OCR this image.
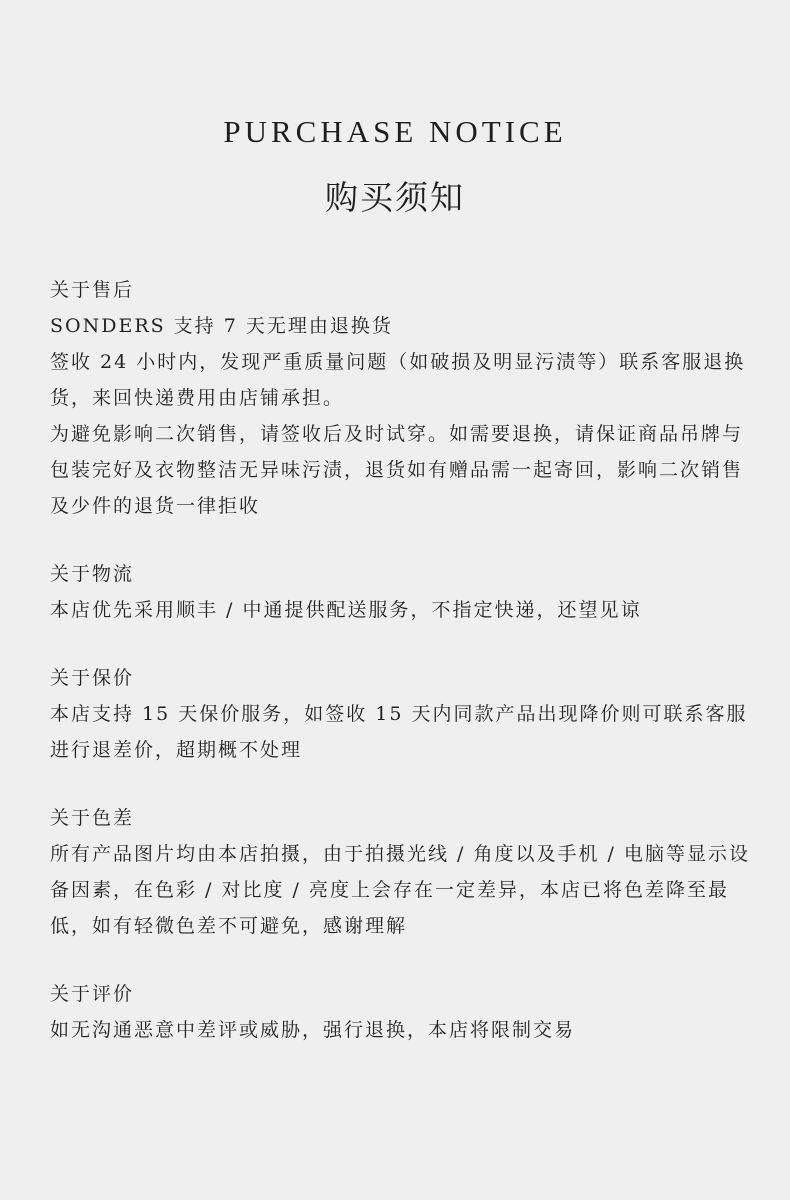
PURCHASE NOTICE
购买须知
关于售后

SONDERS 支持 7 天无理由退换货

签收 24 小时内，发现严重质量问题（如破损及明显污渍等）联系客服退换货，来回快递费用由店铺承担。

为避免影响二次销售，请签收后及时试穿。如需要退换，请保证商品吊牌与包装完好及衣物整洁无异味污渍，退货如有赠品需一起寄回，影响二次销售及少件的退货一律拒收

关于物流

本店优先采用顺丰 / 中通提供配送服务，不指定快递，还望见谅

关于保价

本店支持 15 天保价服务，如签收 15 天内同款产品出现降价则可联系客服进行退差价，超期概不处理

关于色差

所有产品图片均由本店拍摄，由于拍摄光线 / 角度以及手机 / 电脑等显示设备因素，在色彩 / 对比度 / 亮度上会存在一定差异，本店已将色差降至最低，如有轻微色差不可避免，感谢理解

关于评价

如无沟通恶意中差评或威胁，强行退换，本店将限制交易
